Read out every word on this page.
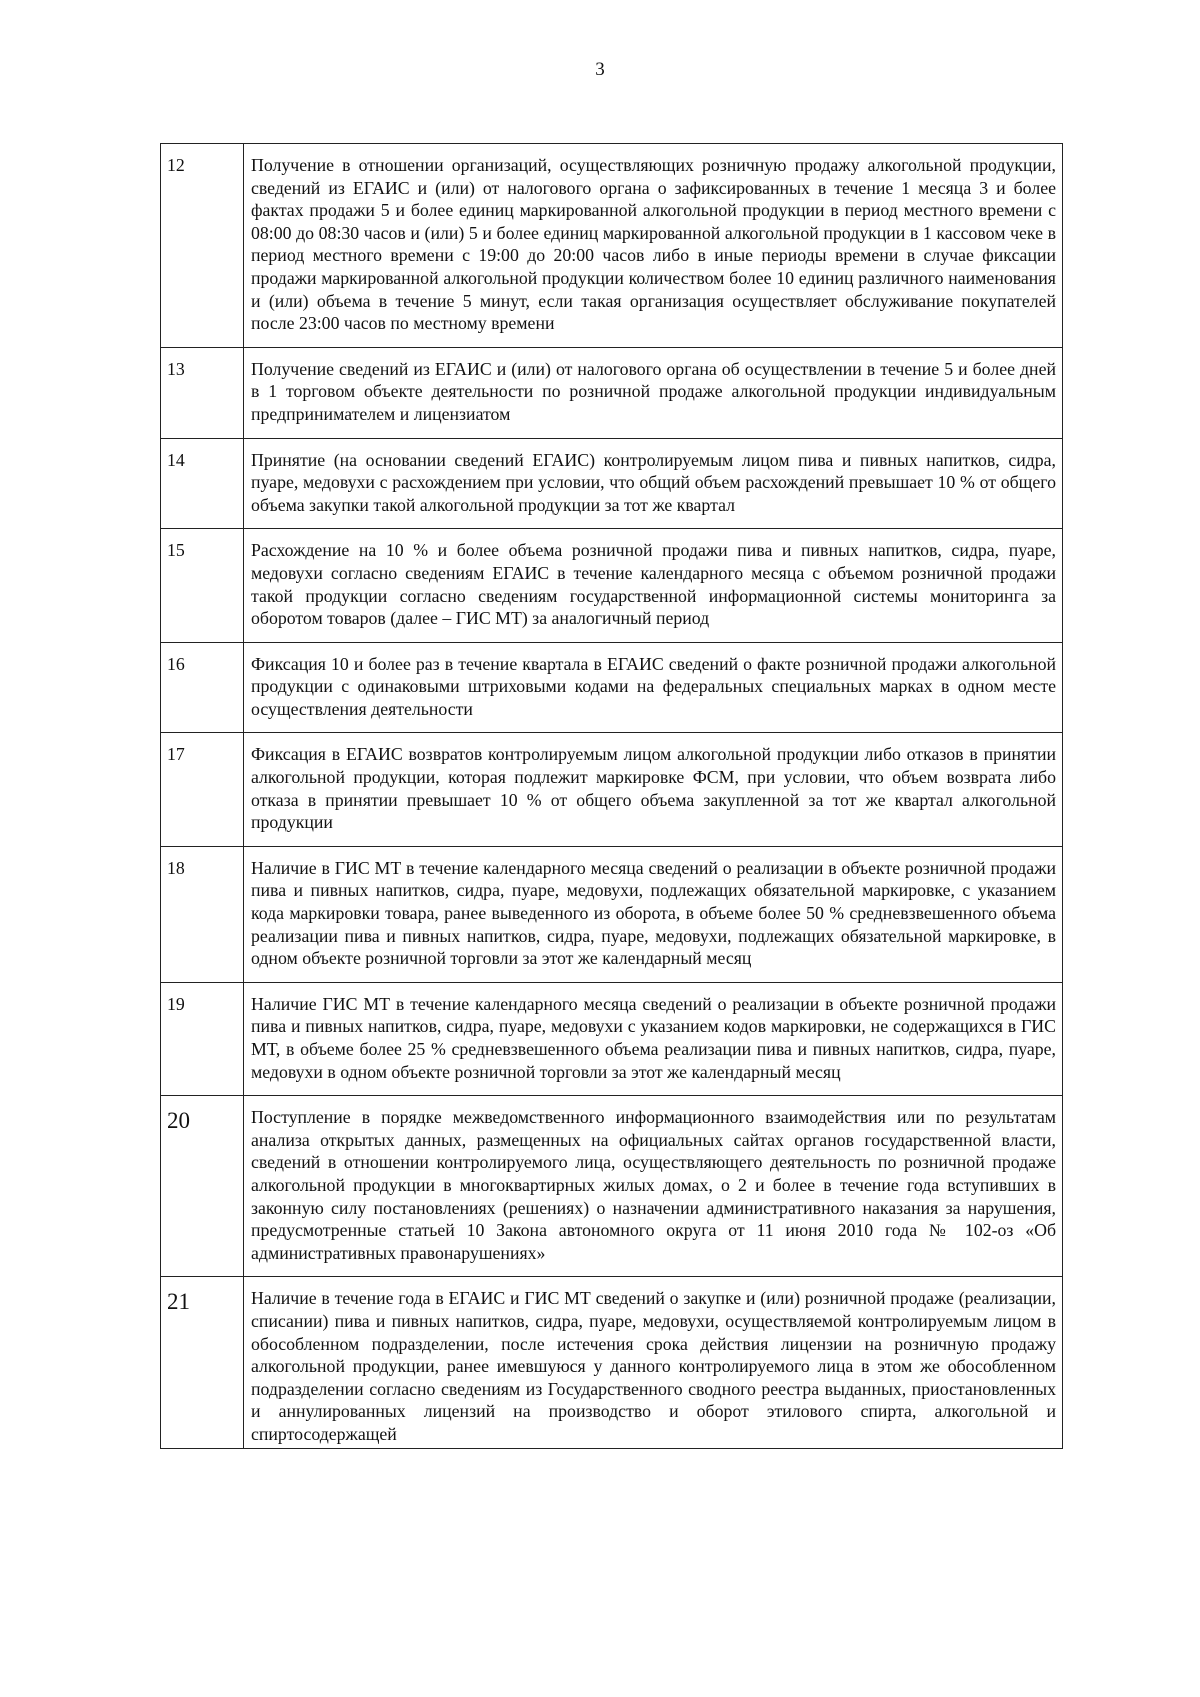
3
12	Получение в отношении организаций, осуществляющих розничную продажу алкогольной продукции, сведений из ЕГАИС и (или) от налогового органа о зафиксированных в течение 1 месяца 3 и более фактах продажи 5 и более единиц маркированной алкогольной продукции в период местного времени с 08:00 до 08:30 часов и (или) 5 и более единиц маркированной алкогольной продукции в 1 кассовом чеке в период местного времени с 19:00 до 20:00 часов либо в иные периоды времени в случае фиксации продажи маркированной алкогольной продукции количеством более 10 единиц различного наименования и (или) объема в течение 5 минут, если такая организация осуществляет обслуживание покупателей после 23:00 часов по местному времени
13	Получение сведений из ЕГАИС и (или) от налогового органа об осуществлении в течение 5 и более дней в 1 торговом объекте деятельности по розничной продаже алкогольной продукции индивидуальным предпринимателем и лицензиатом
14	Принятие (на основании сведений ЕГАИС) контролируемым лицом пива и пивных напитков, сидра, пуаре, медовухи с расхождением при условии, что общий объем расхождений превышает 10 % от общего объема закупки такой алкогольной продукции за тот же квартал
15	Расхождение на 10 % и более объема розничной продажи пива и пивных напитков, сидра, пуаре, медовухи согласно сведениям ЕГАИС в течение календарного месяца с объемом розничной продажи такой продукции согласно сведениям государственной информационной системы мониторинга за оборотом товаров (далее – ГИС МТ) за аналогичный период
16	Фиксация 10 и более раз в течение квартала в ЕГАИС сведений о факте розничной продажи алкогольной продукции с одинаковыми штриховыми кодами на федеральных специальных марках в одном месте осуществления деятельности
17	Фиксация в ЕГАИС возвратов контролируемым лицом алкогольной продукции либо отказов в принятии алкогольной продукции, которая подлежит маркировке ФСМ, при условии, что объем возврата либо отказа в принятии превышает 10 % от общего объема закупленной за тот же квартал алкогольной продукции
18	Наличие в ГИС МТ в течение календарного месяца сведений о реализации в объекте розничной продажи пива и пивных напитков, сидра, пуаре, медовухи, подлежащих обязательной маркировке, с указанием кода маркировки товара, ранее выведенного из оборота, в объеме более 50 % средневзвешенного объема реализации пива и пивных напитков, сидра, пуаре, медовухи, подлежащих обязательной маркировке, в одном объекте розничной торговли за этот же календарный месяц
19	Наличие ГИС МТ в течение календарного месяца сведений о реализации в объекте розничной продажи пива и пивных напитков, сидра, пуаре, медовухи с указанием кодов маркировки, не содержащихся в ГИС МТ, в объеме более 25 % средневзвешенного объема реализации пива и пивных напитков, сидра, пуаре, медовухи в одном объекте розничной торговли за этот же календарный месяц
20	Поступление в порядке межведомственного информационного взаимодействия или по результатам анализа открытых данных, размещенных на официальных сайтах органов государственной власти, сведений в отношении контролируемого лица, осуществляющего деятельность по розничной продаже алкогольной продукции в многоквартирных жилых домах, о 2 и более в течение года вступивших в законную силу постановлениях (решениях) о назначении административного наказания за нарушения, предусмотренные статьей 10 Закона автономного округа от 11 июня 2010 года № 102-оз «Об административных правонарушениях»
21	Наличие в течение года в ЕГАИС и ГИС МТ сведений о закупке и (или) розничной продаже (реализации, списании) пива и пивных напитков, сидра, пуаре, медовухи, осуществляемой контролируемым лицом в обособленном подразделении, после истечения срока действия лицензии на розничную продажу алкогольной продукции, ранее имевшуюся у данного контролируемого лица в этом же обособленном подразделении согласно сведениям из Государственного сводного реестра выданных, приостановленных и аннулированных лицензий на производство и оборот этилового спирта, алкогольной и спиртосодержащей
